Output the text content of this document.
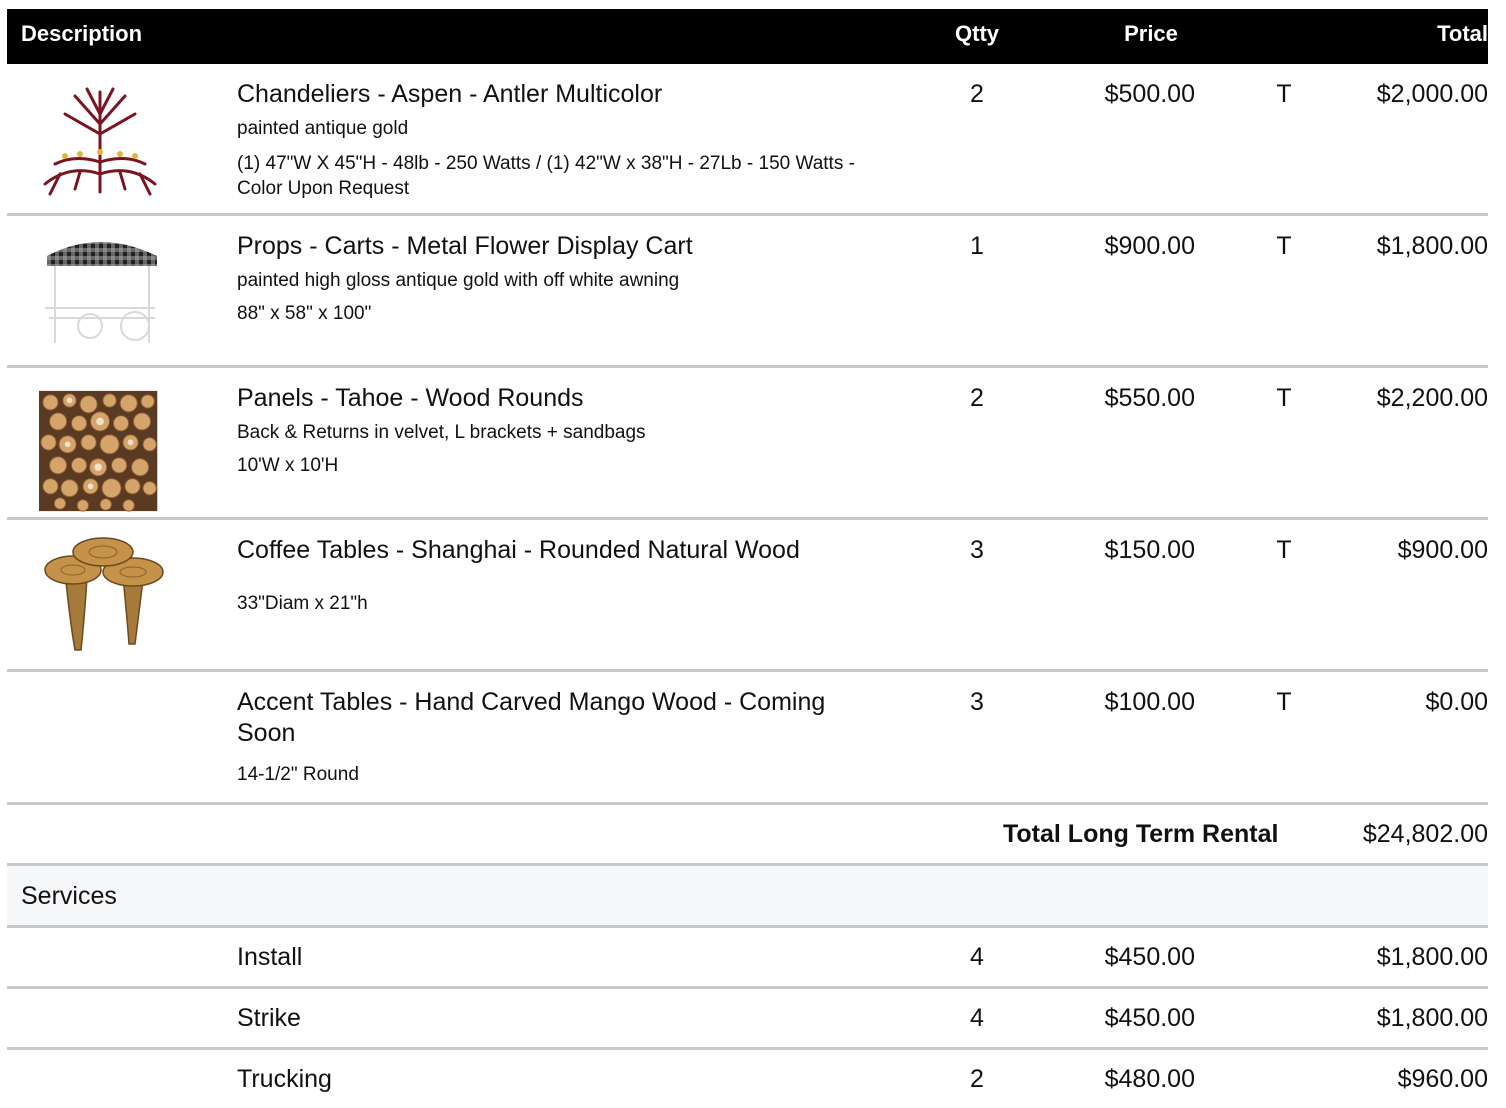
Description	Qtty	Price	Total
Chandeliers - Aspen - Antler Multicolor
painted antique gold
(1) 47"W X 45"H - 48lb - 250 Watts / (1) 42"W x 38"H - 27Lb - 150 Watts - Color Upon Request
2	$500.00	T	$2,000.00
Props - Carts - Metal Flower Display Cart
painted high gloss antique gold with off white awning
88" x 58" x 100"
1	$900.00	T	$1,800.00
Panels - Tahoe - Wood Rounds
Back & Returns in velvet, L brackets + sandbags
10'W x 10'H
2	$550.00	T	$2,200.00
Coffee Tables - Shanghai - Rounded Natural Wood
33"Diam x 21"h
3	$150.00	T	$900.00
Accent Tables - Hand Carved Mango Wood - Coming Soon
14-1/2" Round
3	$100.00	T	$0.00
Total Long Term Rental	$24,802.00
Services
Install	4	$450.00	$1,800.00
Strike	4	$450.00	$1,800.00
Trucking	2	$480.00	$960.00
